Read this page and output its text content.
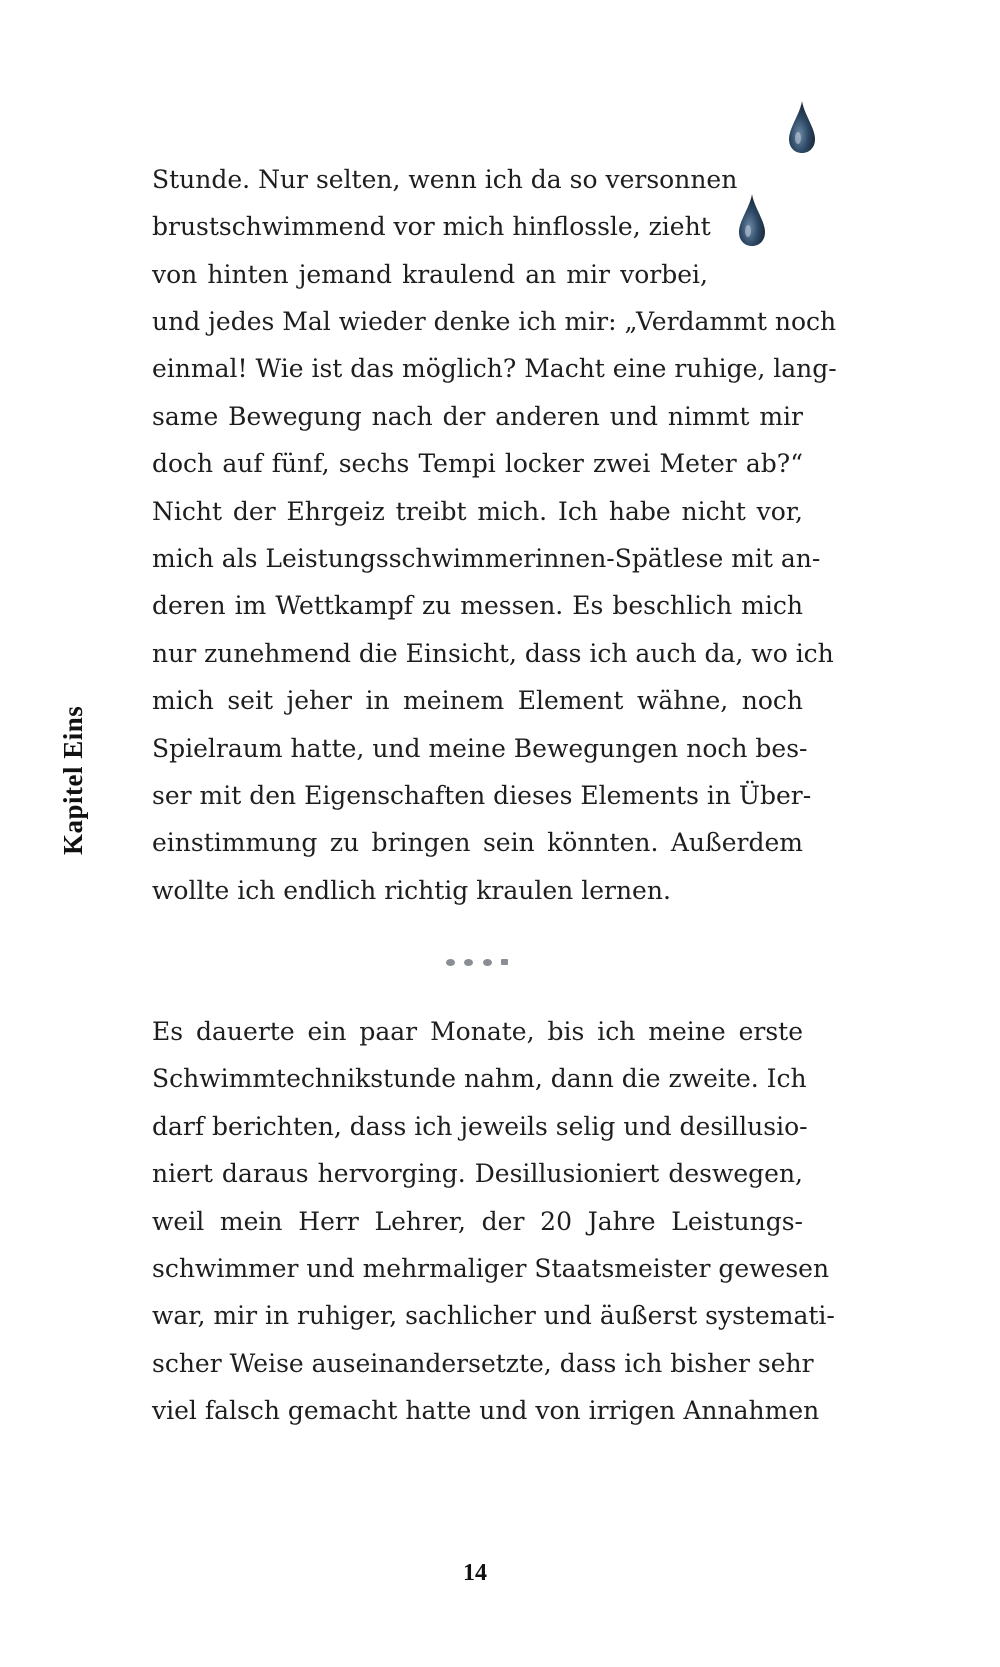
Kapitel Eins
Stunde. Nur selten, wenn ich da so versonnen
brustschwimmend vor mich hinflossle, zieht
von hinten jemand kraulend an mir vorbei,
und jedes Mal wieder denke ich mir: „Verdammt noch
einmal! Wie ist das möglich? Macht eine ruhige, lang-
same Bewegung nach der anderen und nimmt mir
doch auf fünf, sechs Tempi locker zwei Meter ab?“
Nicht der Ehrgeiz treibt mich. Ich habe nicht vor,
mich als Leistungsschwimmerinnen-Spätlese mit an-
deren im Wettkampf zu messen. Es beschlich mich
nur zunehmend die Einsicht, dass ich auch da, wo ich
mich seit jeher in meinem Element wähne, noch
Spielraum hatte, und meine Bewegungen noch bes-
ser mit den Eigenschaften dieses Elements in Über-
einstimmung zu bringen sein könnten. Außerdem
wollte ich endlich richtig kraulen lernen.
Es dauerte ein paar Monate, bis ich meine erste
Schwimmtechnikstunde nahm, dann die zweite. Ich
darf berichten, dass ich jeweils selig und desillusio-
niert daraus hervorging. Desillusioniert deswegen,
weil mein Herr Lehrer, der 20 Jahre Leistungs-
schwimmer und mehrmaliger Staatsmeister gewesen
war, mir in ruhiger, sachlicher und äußerst systemati-
scher Weise auseinandersetzte, dass ich bisher sehr
viel falsch gemacht hatte und von irrigen Annahmen
14
